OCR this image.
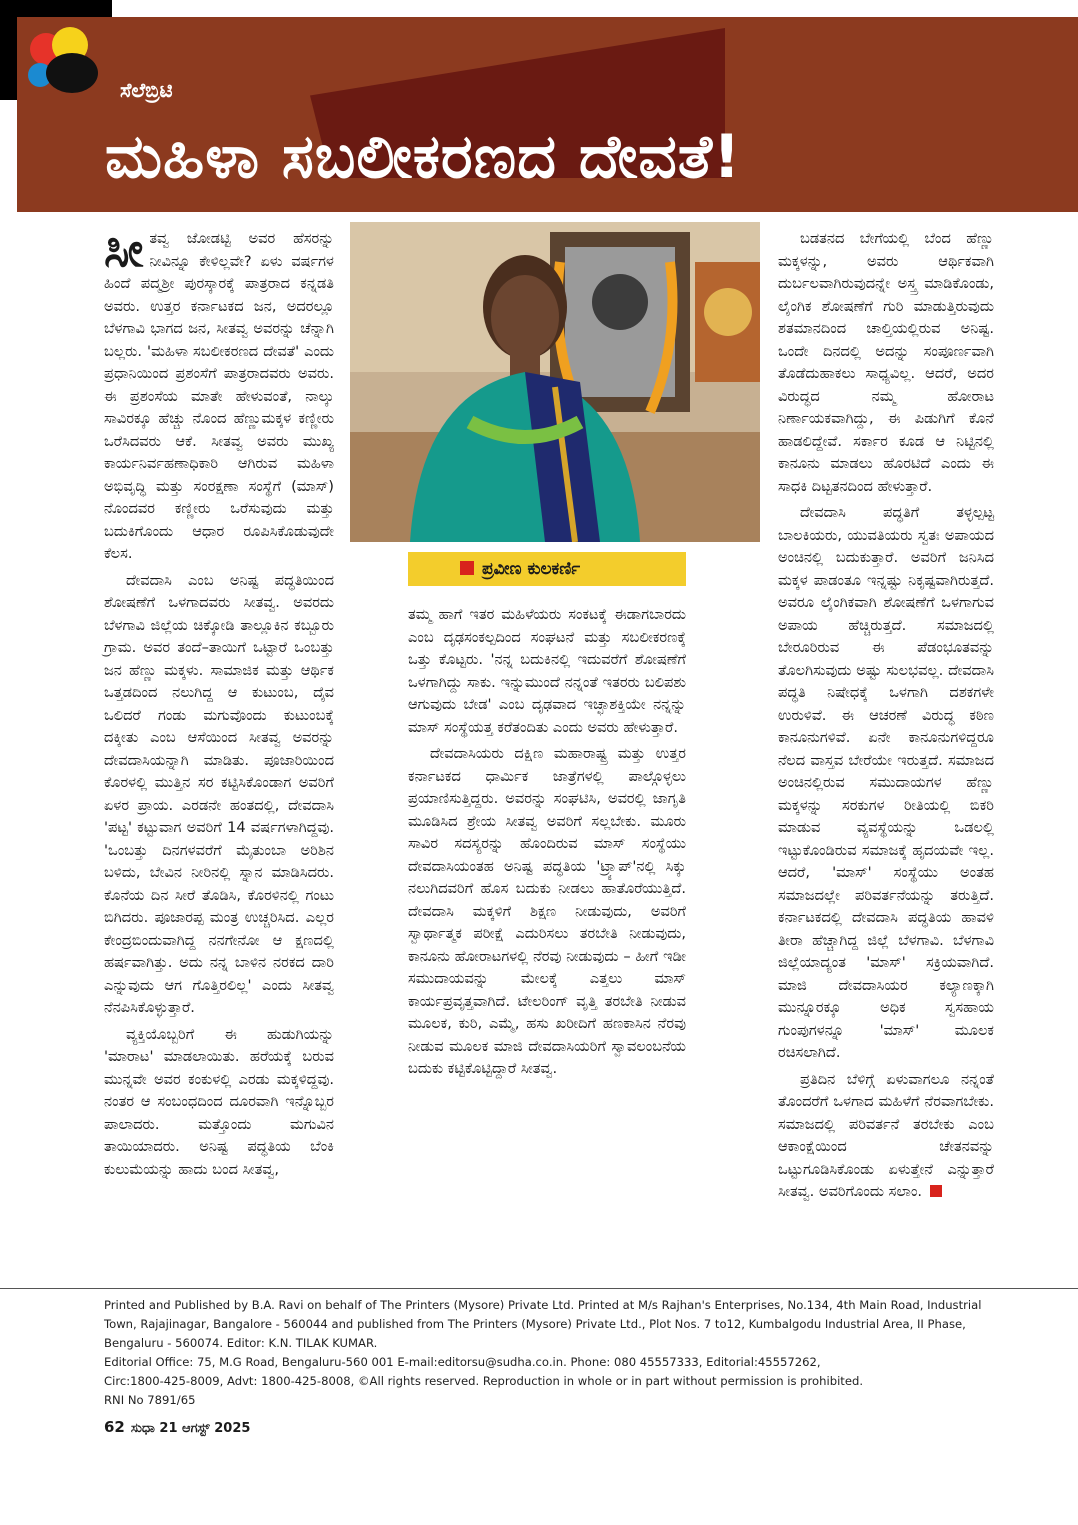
ಸೆಲೆಬ್ರಿಟಿ
ಮಹಿಳಾ ಸಬಲೀಕರಣದ ದೇವತೆ!
ಪ್ರವೀಣ ಕುಲಕರ್ಣಿ

ಸೀತವ್ವ ಜೋಡಟ್ಟಿ ಅವರ ಹೆಸರನ್ನು ನೀವಿನ್ನೂ ಕೇಳಿಲ್ಲವೇ? ಏಳು ವರ್ಷಗಳ ಹಿಂದೆ ಪದ್ಮಶ್ರೀ ಪುರಸ್ಕಾರಕ್ಕೆ ಪಾತ್ರರಾದ ಕನ್ನಡತಿ ಅವರು. ಉತ್ತರ ಕರ್ನಾಟಕದ ಜನ, ಅದರಲ್ಲೂ ಬೆಳಗಾವಿ ಭಾಗದ ಜನ, ಸೀತವ್ವ ಅವರನ್ನು ಚೆನ್ನಾಗಿ ಬಲ್ಲರು. 'ಮಹಿಳಾ ಸಬಲೀಕರಣದ ದೇವತೆ' ಎಂದು ಪ್ರಧಾನಿಯಿಂದ ಪ್ರಶಂಸೆಗೆ ಪಾತ್ರರಾದವರು ಅವರು. ಈ ಪ್ರಶಂಸೆಯ ಮಾತೇ ಹೇಳುವಂತೆ, ನಾಲ್ಕು ಸಾವಿರಕ್ಕೂ ಹೆಚ್ಚು ನೊಂದ ಹೆಣ್ಣುಮಕ್ಕಳ ಕಣ್ಣೀರು ಒರೆಸಿದವರು ಆಕೆ. ಸೀತವ್ವ ಅವರು ಮುಖ್ಯ ಕಾರ್ಯನಿರ್ವಹಣಾಧಿಕಾರಿ ಆಗಿರುವ ಮಹಿಳಾ ಅಭಿವೃದ್ಧಿ ಮತ್ತು ಸಂರಕ್ಷಣಾ ಸಂಸ್ಥೆಗೆ (ಮಾಸ್) ನೊಂದವರ ಕಣ್ಣೀರು ಒರೆಸುವುದು ಮತ್ತು ಬದುಕಿಗೊಂದು ಆಧಾರ ರೂಪಿಸಿಕೊಡುವುದೇ ಕೆಲಸ.

ದೇವದಾಸಿ ಎಂಬ ಅನಿಷ್ಟ ಪದ್ಧತಿಯಿಂದ ಶೋಷಣೆಗೆ ಒಳಗಾದವರು ಸೀತವ್ವ. ಅವರದು ಬೆಳಗಾವಿ ಜಿಲ್ಲೆಯ ಚಿಕ್ಕೋಡಿ ತಾಲ್ಲೂಕಿನ ಕಬ್ಬೂರು ಗ್ರಾಮ. ಅವರ ತಂದೆ–ತಾಯಿಗೆ ಒಟ್ಟಾರೆ ಒಂಬತ್ತು ಜನ ಹೆಣ್ಣು ಮಕ್ಕಳು. ಸಾಮಾಜಿಕ ಮತ್ತು ಆರ್ಥಿಕ ಒತ್ತಡದಿಂದ ನಲುಗಿದ್ದ ಆ ಕುಟುಂಬ, ದೈವ ಒಲಿದರೆ ಗಂಡು ಮಗುವೊಂದು ಕುಟುಂಬಕ್ಕೆ ದಕ್ಕೀತು ಎಂಬ ಆಸೆಯಿಂದ ಸೀತವ್ವ ಅವರನ್ನು ದೇವದಾಸಿಯನ್ನಾಗಿ ಮಾಡಿತು. ಪೂಜಾರಿಯಿಂದ ಕೊರಳಲ್ಲಿ ಮುತ್ತಿನ ಸರ ಕಟ್ಟಿಸಿಕೊಂಡಾಗ ಅವರಿಗೆ ಏಳರ ಪ್ರಾಯ. ಎರಡನೇ ಹಂತದಲ್ಲಿ, ದೇವದಾಸಿ 'ಪಟ್ಟ' ಕಟ್ಟುವಾಗ ಅವರಿಗೆ 14 ವರ್ಷಗಳಾಗಿದ್ದವು. 'ಒಂಬತ್ತು ದಿನಗಳವರೆಗೆ ಮೈತುಂಬಾ ಅರಿಶಿನ ಬಳಿದು, ಬೇವಿನ ನೀರಿನಲ್ಲಿ ಸ್ನಾನ ಮಾಡಿಸಿದರು. ಕೊನೆಯ ದಿನ ಸೀರೆ ತೊಡಿಸಿ, ಕೊರಳಿನಲ್ಲಿ ಗಂಟು ಬಿಗಿದರು. ಪೂಜಾರಪ್ಪ ಮಂತ್ರ ಉಚ್ಚರಿಸಿದ. ಎಲ್ಲರ ಕೇಂದ್ರಬಿಂದುವಾಗಿದ್ದ ನನಗೇನೋ ಆ ಕ್ಷಣದಲ್ಲಿ ಹರ್ಷವಾಗಿತ್ತು. ಅದು ನನ್ನ ಬಾಳಿನ ನರಕದ ದಾರಿ ಎನ್ನುವುದು ಆಗ ಗೊತ್ತಿರಲಿಲ್ಲ' ಎಂದು ಸೀತವ್ವ ನೆನಪಿಸಿಕೊಳ್ಳುತ್ತಾರೆ.

ವ್ಯಕ್ತಿಯೊಬ್ಬರಿಗೆ ಈ ಹುಡುಗಿಯನ್ನು 'ಮಾರಾಟ' ಮಾಡಲಾಯಿತು. ಹರೆಯಕ್ಕೆ ಬರುವ ಮುನ್ನವೇ ಅವರ ಕಂಕುಳಲ್ಲಿ ಎರಡು ಮಕ್ಕಳಿದ್ದವು. ನಂತರ ಆ ಸಂಬಂಧದಿಂದ ದೂರವಾಗಿ ಇನ್ನೊಬ್ಬರ ಪಾಲಾದರು. ಮತ್ತೊಂದು ಮಗುವಿನ ತಾಯಿಯಾದರು. ಅನಿಷ್ಟ ಪದ್ಧತಿಯ ಬೆಂಕಿ ಕುಲುಮೆಯನ್ನು ಹಾದು ಬಂದ ಸೀತವ್ವ,

ತಮ್ಮ ಹಾಗೆ ಇತರ ಮಹಿಳೆಯರು ಸಂಕಟಕ್ಕೆ ಈಡಾಗಬಾರದು ಎಂಬ ದೃಢಸಂಕಲ್ಪದಿಂದ ಸಂಘಟನೆ ಮತ್ತು ಸಬಲೀಕರಣಕ್ಕೆ ಒತ್ತು ಕೊಟ್ಟರು. 'ನನ್ನ ಬದುಕಿನಲ್ಲಿ ಇದುವರೆಗೆ ಶೋಷಣೆಗೆ ಒಳಗಾಗಿದ್ದು ಸಾಕು. ಇನ್ನುಮುಂದೆ ನನ್ನಂತೆ ಇತರರು ಬಲಿಪಶು ಆಗುವುದು ಬೇಡ' ಎಂಬ ದೃಢವಾದ ಇಚ್ಛಾಶಕ್ತಿಯೇ ನನ್ನನ್ನು ಮಾಸ್ ಸಂಸ್ಥೆಯತ್ತ ಕರೆತಂದಿತು ಎಂದು ಅವರು ಹೇಳುತ್ತಾರೆ.

ದೇವದಾಸಿಯರು ದಕ್ಷಿಣ ಮಹಾರಾಷ್ಟ್ರ ಮತ್ತು ಉತ್ತರ ಕರ್ನಾಟಕದ ಧಾರ್ಮಿಕ ಜಾತ್ರೆಗಳಲ್ಲಿ ಪಾಲ್ಗೊಳ್ಳಲು ಪ್ರಯಾಣಿಸುತ್ತಿದ್ದರು. ಅವರನ್ನು ಸಂಘಟಿಸಿ, ಅವರಲ್ಲಿ ಜಾಗೃತಿ ಮೂಡಿಸಿದ ಶ್ರೇಯ ಸೀತವ್ವ ಅವರಿಗೆ ಸಲ್ಲಬೇಕು. ಮೂರು ಸಾವಿರ ಸದಸ್ಯರನ್ನು ಹೊಂದಿರುವ ಮಾಸ್ ಸಂಸ್ಥೆಯು ದೇವದಾಸಿಯಂತಹ ಅನಿಷ್ಟ ಪದ್ಧತಿಯ 'ಟ್ರ್ಯಾಪ್'ನಲ್ಲಿ ಸಿಕ್ಕು ನಲುಗಿದವರಿಗೆ ಹೊಸ ಬದುಕು ನೀಡಲು ಹಾತೊರೆಯುತ್ತಿದೆ. ದೇವದಾಸಿ ಮಕ್ಕಳಿಗೆ ಶಿಕ್ಷಣ ನೀಡುವುದು, ಅವರಿಗೆ ಸ್ವಾರ್ಥಾತ್ಮಕ ಪರೀಕ್ಷೆ ಎದುರಿಸಲು ತರಬೇತಿ ನೀಡುವುದು, ಕಾನೂನು ಹೋರಾಟಗಳಲ್ಲಿ ನೆರವು ನೀಡುವುದು – ಹೀಗೆ ಇಡೀ ಸಮುದಾಯವನ್ನು ಮೇಲಕ್ಕೆ ಎತ್ತಲು ಮಾಸ್ ಕಾರ್ಯಪ್ರವೃತ್ತವಾಗಿದೆ. ಟೇಲರಿಂಗ್ ವೃತ್ತಿ ತರಬೇತಿ ನೀಡುವ ಮೂಲಕ, ಕುರಿ, ಎಮ್ಮೆ, ಹಸು ಖರೀದಿಗೆ ಹಣಕಾಸಿನ ನೆರವು ನೀಡುವ ಮೂಲಕ ಮಾಜಿ ದೇವದಾಸಿಯರಿಗೆ ಸ್ವಾವಲಂಬನೆಯ ಬದುಕು ಕಟ್ಟಿಕೊಟ್ಟಿದ್ದಾರೆ ಸೀತವ್ವ.

ಬಡತನದ ಬೇಗೆಯಲ್ಲಿ ಬೆಂದ ಹೆಣ್ಣು ಮಕ್ಕಳನ್ನು, ಅವರು ಆರ್ಥಿಕವಾಗಿ ದುರ್ಬಲವಾಗಿರುವುದನ್ನೇ ಅಸ್ತ್ರ ಮಾಡಿಕೊಂಡು, ಲೈಂಗಿಕ ಶೋಷಣೆಗೆ ಗುರಿ ಮಾಡುತ್ತಿರುವುದು ಶತಮಾನದಿಂದ ಚಾಲ್ತಿಯಲ್ಲಿರುವ ಅನಿಷ್ಟ. ಒಂದೇ ದಿನದಲ್ಲಿ ಅದನ್ನು ಸಂಪೂರ್ಣವಾಗಿ ತೊಡೆದುಹಾಕಲು ಸಾಧ್ಯವಿಲ್ಲ. ಆದರೆ, ಅದರ ವಿರುದ್ಧದ ನಮ್ಮ ಹೋರಾಟ ನಿರ್ಣಾಯಕವಾಗಿದ್ದು, ಈ ಪಿಡುಗಿಗೆ ಕೊನೆ ಹಾಡಲಿದ್ದೇವೆ. ಸರ್ಕಾರ ಕೂಡ ಆ ನಿಟ್ಟಿನಲ್ಲಿ ಕಾನೂನು ಮಾಡಲು ಹೊರಟಿದೆ ಎಂದು ಈ ಸಾಧಕಿ ದಿಟ್ಟತನದಿಂದ ಹೇಳುತ್ತಾರೆ.

ದೇವದಾಸಿ ಪದ್ಧತಿಗೆ ತಳ್ಳಲ್ಪಟ್ಟ ಬಾಲಕಿಯರು, ಯುವತಿಯರು ಸ್ವತಃ ಅಪಾಯದ ಅಂಚಿನಲ್ಲಿ ಬದುಕುತ್ತಾರೆ. ಅವರಿಗೆ ಜನಿಸಿದ ಮಕ್ಕಳ ಪಾಡಂತೂ ಇನ್ನಷ್ಟು ನಿಕೃಷ್ಟವಾಗಿರುತ್ತದೆ. ಅವರೂ ಲೈಂಗಿಕವಾಗಿ ಶೋಷಣೆಗೆ ಒಳಗಾಗುವ ಅಪಾಯ ಹೆಚ್ಚಿರುತ್ತದೆ. ಸಮಾಜದಲ್ಲಿ ಬೇರೂರಿರುವ ಈ ಪೆಡಂಭೂತವನ್ನು ತೊಲಗಿಸುವುದು ಅಷ್ಟು ಸುಲಭವಲ್ಲ. ದೇವದಾಸಿ ಪದ್ಧತಿ ನಿಷೇಧಕ್ಕೆ ಒಳಗಾಗಿ ದಶಕಗಳೇ ಉರುಳಿವೆ. ಈ ಆಚರಣೆ ವಿರುದ್ಧ ಕಠಿಣ ಕಾನೂನುಗಳಿವೆ. ಏನೇ ಕಾನೂನುಗಳಿದ್ದರೂ ನೆಲದ ವಾಸ್ತವ ಬೇರೆಯೇ ಇರುತ್ತದೆ. ಸಮಾಜದ ಅಂಚಿನಲ್ಲಿರುವ ಸಮುದಾಯಗಳ ಹೆಣ್ಣು ಮಕ್ಕಳನ್ನು ಸರಕುಗಳ ರೀತಿಯಲ್ಲಿ ಬಿಕರಿ ಮಾಡುವ ವ್ಯವಸ್ಥೆಯನ್ನು ಒಡಲಲ್ಲಿ ಇಟ್ಟುಕೊಂಡಿರುವ ಸಮಾಜಕ್ಕೆ ಹೃದಯವೇ ಇಲ್ಲ. ಆದರೆ, 'ಮಾಸ್' ಸಂಸ್ಥೆಯು ಅಂತಹ ಸಮಾಜದಲ್ಲೇ ಪರಿವರ್ತನೆಯನ್ನು ತರುತ್ತಿದೆ. ಕರ್ನಾಟಕದಲ್ಲಿ ದೇವದಾಸಿ ಪದ್ಧತಿಯ ಹಾವಳಿ ತೀರಾ ಹೆಚ್ಚಾಗಿದ್ದ ಜಿಲ್ಲೆ ಬೆಳಗಾವಿ. ಬೆಳಗಾವಿ ಜಿಲ್ಲೆಯಾದ್ಯಂತ 'ಮಾಸ್' ಸಕ್ರಿಯವಾಗಿದೆ. ಮಾಜಿ ದೇವದಾಸಿಯರ ಕಲ್ಯಾಣಕ್ಕಾಗಿ ಮುನ್ನೂರಕ್ಕೂ ಅಧಿಕ ಸ್ವಸಹಾಯ ಗುಂಪುಗಳನ್ನೂ 'ಮಾಸ್' ಮೂಲಕ ರಚಿಸಲಾಗಿದೆ.

ಪ್ರತಿದಿನ ಬೆಳಿಗ್ಗೆ ಏಳುವಾಗಲೂ ನನ್ನಂತೆ ತೊಂದರೆಗೆ ಒಳಗಾದ ಮಹಿಳೆಗೆ ನೆರವಾಗಬೇಕು. ಸಮಾಜದಲ್ಲಿ ಪರಿವರ್ತನೆ ತರಬೇಕು ಎಂಬ ಆಕಾಂಕ್ಷೆಯಿಂದ ಚೇತನವನ್ನು ಒಟ್ಟುಗೂಡಿಸಿಕೊಂಡು ಏಳುತ್ತೇನೆ ಎನ್ನುತ್ತಾರೆ ಸೀತವ್ವ. ಅವರಿಗೊಂದು ಸಲಾಂ.

Printed and Published by B.A. Ravi on behalf of The Printers (Mysore) Private Ltd. Printed at M/s Rajhan's Enterprises, No.134, 4th Main Road, Industrial Town, Rajajinagar, Bangalore - 560044 and published from The Printers (Mysore) Private Ltd., Plot Nos. 7 to12, Kumbalgodu Industrial Area, II Phase, Bengaluru - 560074. Editor: K.N. TILAK KUMAR.

Editorial Office: 75, M.G Road, Bengaluru-560 001 E-mail:editorsu@sudha.co.in. Phone: 080 45557333, Editorial:45557262,

Circ:1800-425-8009, Advt: 1800-425-8008, ©All rights reserved. Reproduction in whole or in part without permission is prohibited.

RNI No 7891/65

62 ಸುಧಾ 21 ಆಗಸ್ಟ್ 2025
